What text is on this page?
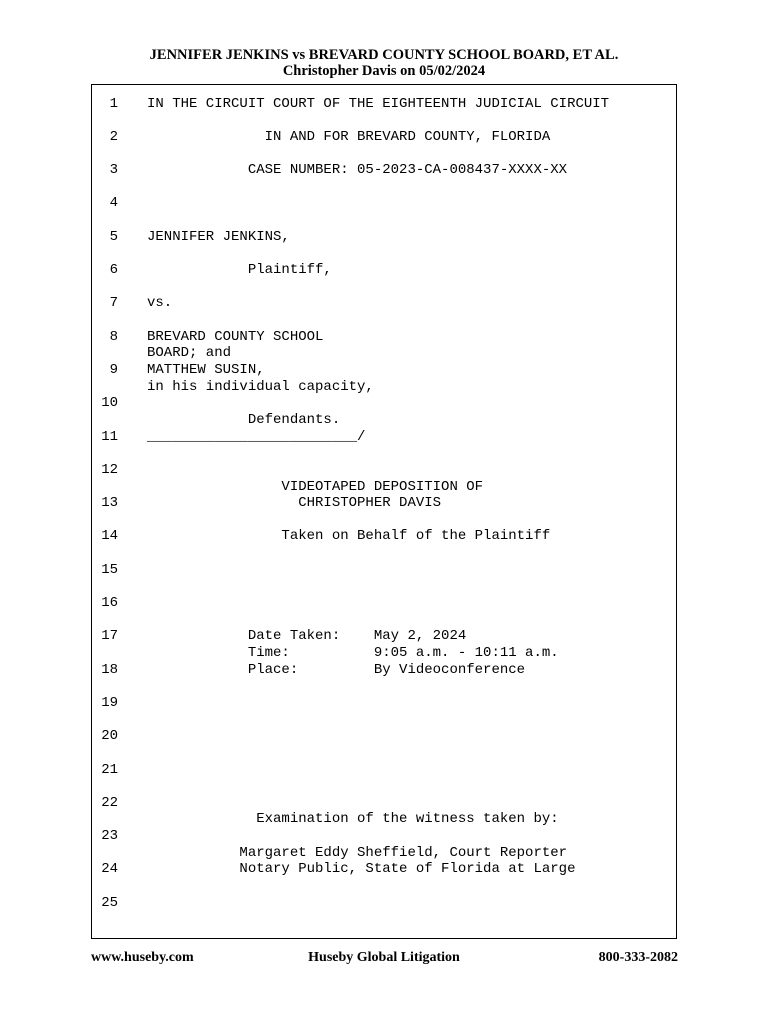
JENNIFER JENKINS vs BREVARD COUNTY SCHOOL BOARD, ET AL.
Christopher Davis on 05/02/2024
1 IN THE CIRCUIT COURT OF THE EIGHTEENTH JUDICIAL CIRCUIT
2 IN AND FOR BREVARD COUNTY, FLORIDA
3 CASE NUMBER: 05-2023-CA-008437-XXXX-XX
4
5 JENNIFER JENKINS,
6 Plaintiff,
7 vs.
8 BREVARD COUNTY SCHOOL
BOARD; and
9 MATTHEW SUSIN,
in his individual capacity,
10
11 _________________________/
Defendants.
12
13 CHRISTOPHER DAVIS
VIDEOTAPED DEPOSITION OF
14 Taken on Behalf of the Plaintiff
15
16
17 Date Taken:    May 2, 2024
Time:          9:05 a.m. - 10:11 a.m.
18 Place:         By Videoconference
19
20
21
22
Examination of the witness taken by:
23
Margaret Eddy Sheffield, Court Reporter
24 Notary Public, State of Florida at Large
25
www.huseby.com	Huseby Global Litigation	800-333-2082
